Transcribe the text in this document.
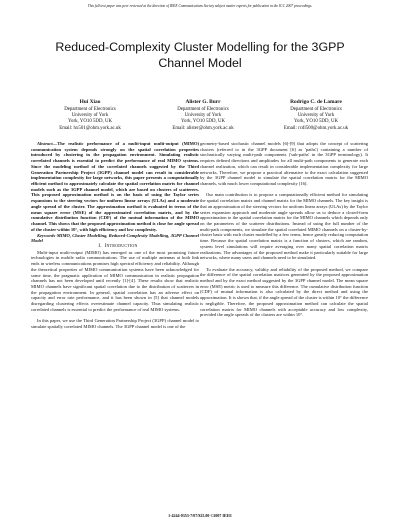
This full text paper was peer reviewed at the direction of IEEE Communications Society subject matter experts for publication in the ICC 2007 proceedings.
Reduced-Complexity Cluster Modelling for the 3GPP
Channel Model
Hui Xiao
Department of Electronics
University of York
York, YO10 5DD, UK
Email: hx501@ohm.york.ac.uk
Alister G. Burr
Department of Electronics
University of York
York, YO10 5DD, UK
Email: alister@ohm.york.ac.uk
Rodrigo C. de Lamare
Department of Electronics
University of York
York, YO10 5DD, UK
Email: rcdl500@ohm.york.ac.uk

Abstract—The realistic performance of a multi-input multi-output (MIMO) communication system depends strongly on the spatial correlation properties introduced by clustering in the propagation environment. Simulating realistic correlated channels is essential to predict the performance of real MIMO systems. Since the modeling method of the correlated channels suggested by the Third Generation Partnership Project (3GPP) channel model can result in considerable implementation complexity for large networks, this paper presents a computationally efficient method to approximately calculate the spatial correlation matrix for channel models such as the 3GPP channel model, which are based on clusters of scatterers. This proposed approximation method is on the basis of using the Taylor series expansions to the steering vectors for uniform linear arrays (ULAs) and a moderate angle spread of the cluster. The approximation method is evaluated in terms of the mean square error (MSE) of the approximated correlation matrix, and by the cumulative distribution function (CDF) of the mutual information of the MIMO channel. This shows that the proposed approximation method is close for angle spread of the cluster within 10°, with high efficiency and low complexity.

Keywords-MIMO, Cluster Modelling, Reduced-Complexity Modelling, 3GPP Channel Model

I. Introduction

Multi-input multi-output (MIMO) has emerged as one of the most promising future technologies in mobile radio communications. The use of multiple antennas at both link ends in wireless communications promises high spectral efficiency and reliability. Although the theoretical properties of MIMO communication systems have been acknowledged for some time, the pragmatic application of MIMO communication in realistic propagation channels has not been developed until recently [1]-[4]. These results show that realistic MIMO channels have significant spatial correlation due to the distribution of scatterers in the propagation environment. In general, spatial correlation has an adverse effect on capacity and error rate performance, and it has been shown in [5] that channel models disregarding clustering effects overestimate channel capacity. Thus simulating realistic correlated channels is essential to predict the performance of real MIMO systems.

In this paper, we use the Third Generation Partnership Project (3GPP) channel model to simulate spatially correlated MIMO channels. The 3GPP channel model is one of the

geometry-based stochastic channel models [6]-[9] that adopts the concept of scattering clusters (referred to in the 3GPP document [6] as 'paths') containing a number of stochastically varying multi-path components ('sub-paths' in the 3GPP terminology). It requires defined directions and amplitudes for all multi-path components to generate each channel realization, which can result in considerable implementation complexity for large networks. Therefore, we propose a practical alternative to the exact calculation suggested by the 3GPP channel model to simulate the spatial correlation matrix for the MIMO channels, with much lower computational complexity [16].

Our main contribution is to propose a computationally efficient method for simulating the spatial correlation matrix and channel matrix for the MIMO channels. The key insight is that an approximation of the steering vectors for uniform linear arrays (ULAs) by the Taylor series expansion approach and moderate angle spreads allow us to deduce a closed-form approximation to the spatial correlation matrix for the MIMO channels which depends only on the parameters of the scatterer distributions. Instead of using the full number of the multi-path components, we simulate the spatial correlated MIMO channels on a cluster-by-cluster basis with each cluster modelled by a few terms, hence greatly reducing computation time. Because the spatial correlation matrix is a function of clusters, which are random, system level simulations will require averaging over many spatial correlation matrix realizations. The advantages of the proposed method make it particularly suitable for large networks, where many users and channels need to be simulated.

To evaluate the accuracy, validity and reliability of the proposed method, we compare the difference of the spatial correlation matrices generated by the proposed approximation method and by the exact method suggested by the 3GPP channel model. The mean square error (MSE) metric is used to measure this difference. The cumulative distribution function (CDF) of mutual information is also calculated by the direct method and using the approximation. It is shown that, if the angle spread of the cluster is within 10° the difference is negligible. Therefore, the proposed approximation method can calculate the spatial correlation matrix for MIMO channels with acceptable accuracy and low complexity, provided the angle spreads of the clusters are within 10°.

1-4244-0353-7/07/$25.00 ©2007 IEEE
